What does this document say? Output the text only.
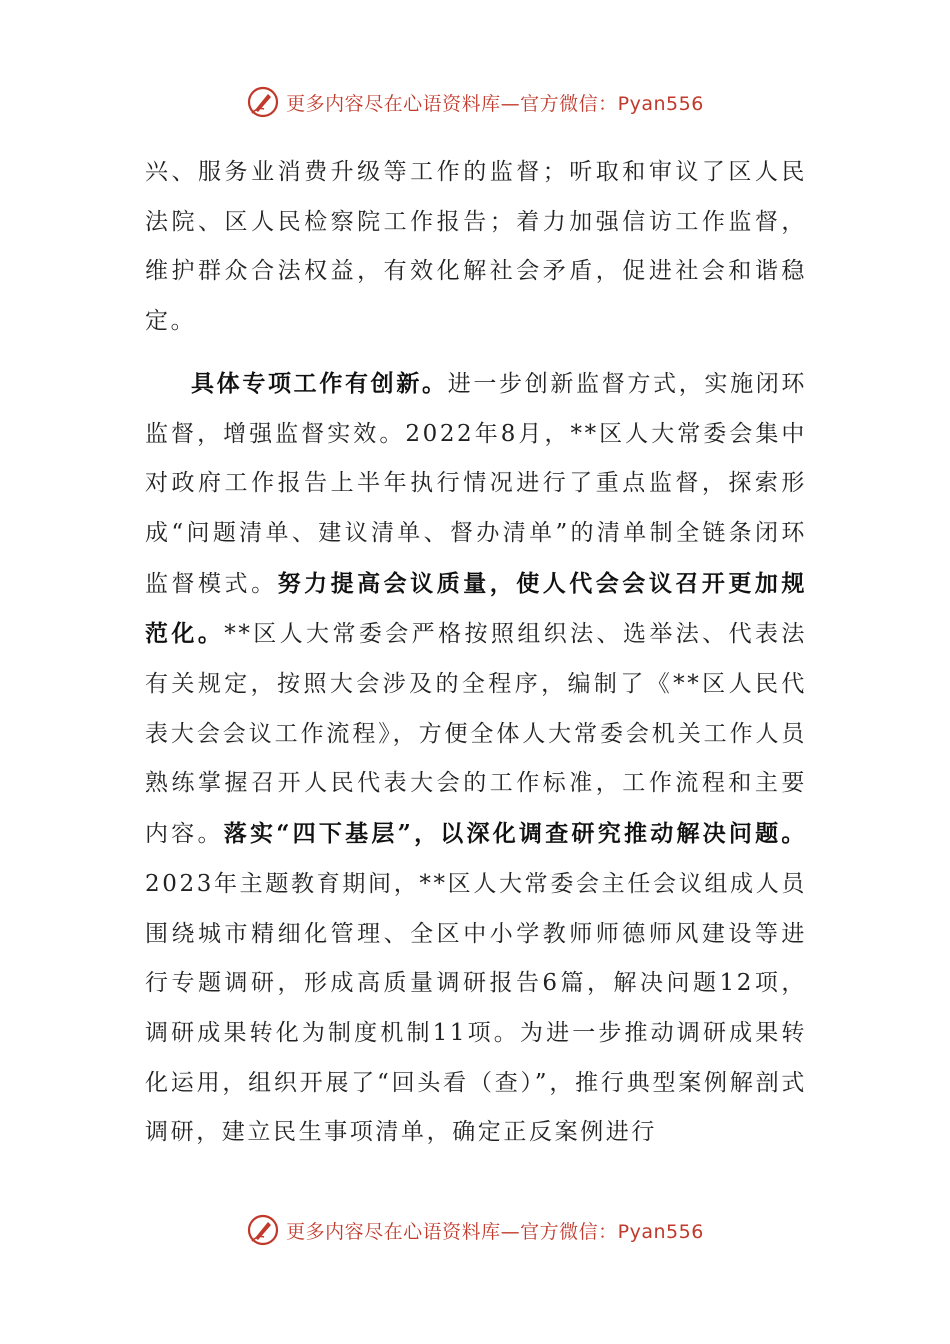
更多内容尽在心语资料库—官方微信：Pyan556

兴、服务业消费升级等工作的监督；听取和审议了区人民法院、区人民检察院工作报告；着力加强信访工作监督，维护群众合法权益，有效化解社会矛盾，促进社会和谐稳定。

具体专项工作有创新。进一步创新监督方式，实施闭环监督，增强监督实效。2022年8月，**区人大常委会集中对政府工作报告上半年执行情况进行了重点监督，探索形成“问题清单、建议清单、督办清单”的清单制全链条闭环监督模式。努力提高会议质量，使人代会会议召开更加规范化。**区人大常委会严格按照组织法、选举法、代表法有关规定，按照大会涉及的全程序，编制了《**区人民代表大会会议工作流程》，方便全体人大常委会机关工作人员熟练掌握召开人民代表大会的工作标准，工作流程和主要内容。落实“四下基层”，以深化调查研究推动解决问题。2023年主题教育期间，**区人大常委会主任会议组成人员围绕城市精细化管理、全区中小学教师师德师风建设等进行专题调研，形成高质量调研报告6篇，解决问题12项，调研成果转化为制度机制11项。为进一步推动调研成果转化运用，组织开展了“回头看（查）”，推行典型案例解剖式调研，建立民生事项清单，确定正反案例进行

更多内容尽在心语资料库—官方微信：Pyan556
